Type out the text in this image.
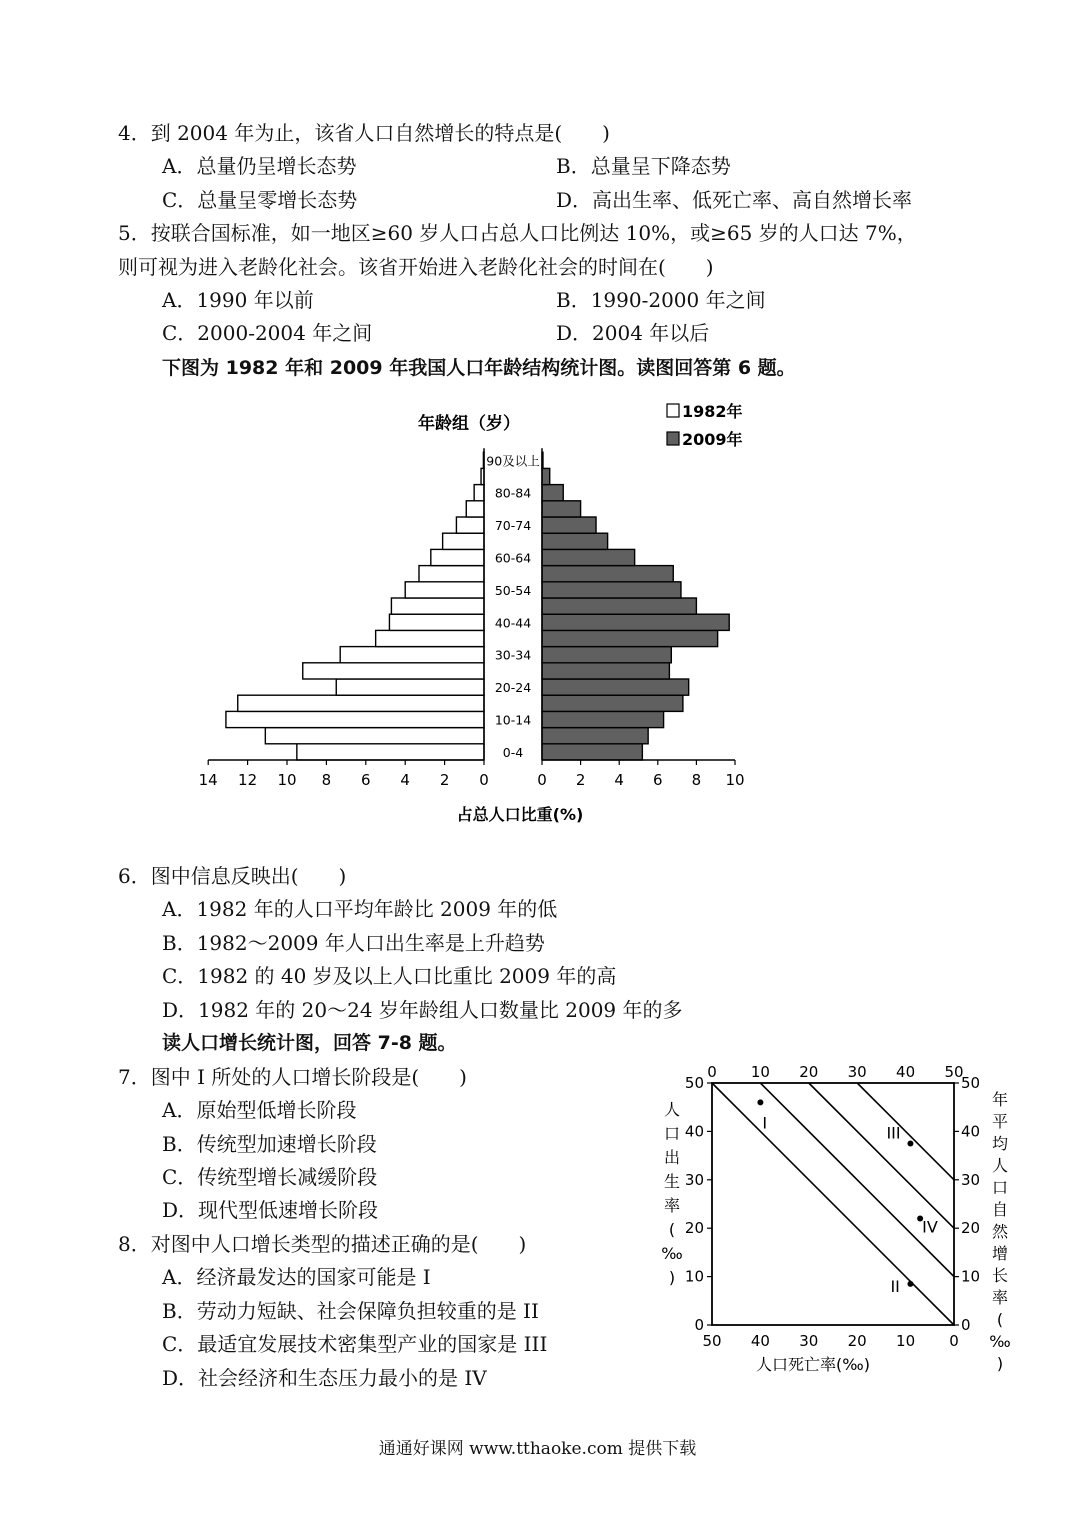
4．到 2004 年为止，该省人口自然增长的特点是(　　)
A．总量仍呈增长态势	B．总量呈下降态势
C．总量呈零增长态势	D．高出生率、低死亡率、高自然增长率
5．按联合国标准，如一地区≥60 岁人口占总人口比例达 10%，或≥65 岁的人口达 7%，
则可视为进入老龄化社会。该省开始进入老龄化社会的时间在(　　)
A．1990 年以前	B．1990-2000 年之间
C．2000-2004 年之间	D．2004 年以后
下图为 1982 年和 2009 年我国人口年龄结构统计图。读图回答第 6 题。
年龄组（岁）
1982年
2009年
0-4
10-14
20-24
30-34
40-44
50-54
60-64
70-74
80-84
90及以上
14 12 10 8 6 4 2 0	0 2 4 6 8 10
占总人口比重(%)
6．图中信息反映出(　　)
A．1982 年的人口平均年龄比 2009 年的低
B．1982～2009 年人口出生率是上升趋势
C．1982 的 40 岁及以上人口比重比 2009 年的高
D．1982 年的 20～24 岁年龄组人口数量比 2009 年的多
读人口增长统计图，回答 7-8 题。
7．图中 I 所处的人口增长阶段是(　　)
A．原始型低增长阶段
B．传统型加速增长阶段
C．传统型增长减缓阶段
D．现代型低速增长阶段
8．对图中人口增长类型的描述正确的是(　　)
A．经济最发达的国家可能是 I
B．劳动力短缺、社会保障负担较重的是 II
C．最适宜发展技术密集型产业的国家是 III
D．社会经济和生态压力最小的是 IV
50 40 30 20 10 0
0 10 20 30 40 50
0
10
20
30
40
50
0
10
20
30
40
50
I
II
III
IV
人口出生率( ‰ )
年平均人口自然增长率( ‰ )
人口死亡率(‰)
通通好课网 www.tthaoke.com 提供下载
